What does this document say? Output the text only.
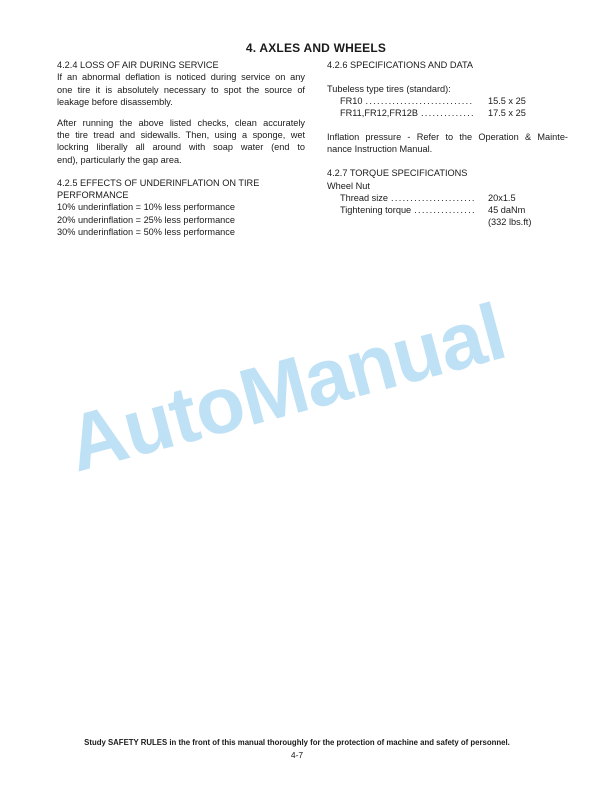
4. AXLES AND WHEELS
AutoManual
4.2.4 LOSS OF AIR DURING SERVICE
If an abnormal deflation is noticed during service on any
one tire it is absolutely necessary to spot the source of
leakage before disassembly.
After running the above listed checks, clean accurately
the tire tread and sidewalls. Then, using a sponge, wet
lockring liberally all around with soap water (end to
end), particularly the gap area.
4.2.5 EFFECTS OF UNDERINFLATION ON TIRE
PERFORMANCE
10% underinflation = 10% less performance
20% underinflation = 25% less performance
30% underinflation = 50% less performance
4.2.6 SPECIFICATIONS AND DATA
Tubeless type tires (standard):
FR10 .....	15.5 x 25
FR11,FR12,FR12B .....	17.5 x 25
Inflation pressure - Refer to the Operation & Mainte-
nance Instruction Manual.
4.2.7 TORQUE SPECIFICATIONS
Wheel Nut
Thread size .....	20x1.5
Tightening torque .....	45 daNm
(332 lbs.ft)
Study SAFETY RULES in the front of this manual thoroughly for the protection of machine and safety of personnel.
4-7
